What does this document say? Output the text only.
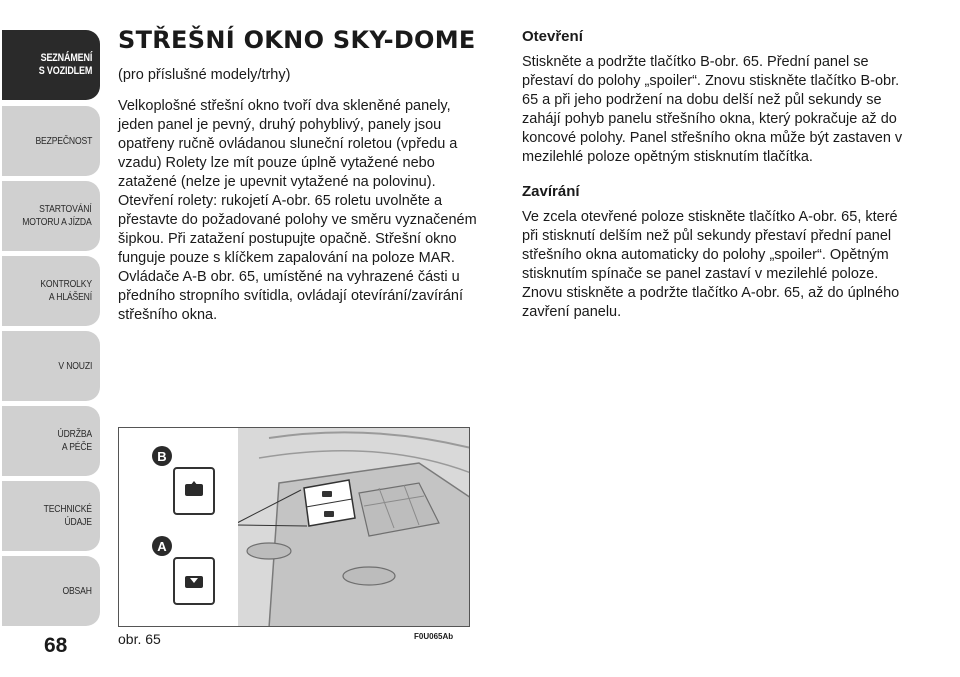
SEZNÁMENÍ
S VOZIDLEM
BEZPEČNOST
STARTOVÁNÍ
MOTORU A JÍZDA
KONTROLKY
A HLÁŠENÍ
V NOUZI
ÚDRŽBA
A PÉČE
TECHNICKÉ
ÚDAJE
OBSAH
68
STŘEŠNÍ OKNO SKY-DOME

(pro příslušné modely/trhy)

Velkoplošné střešní okno tvoří dva skleněné panely, jeden panel je pevný, druhý pohyblivý, panely jsou opatřeny ručně ovládanou sluneční roletou (vpředu a vzadu) Rolety lze mít pouze úplně vytažené nebo zatažené (nelze je upevnit vytažené na polovinu). Otevření rolety: rukojetí A-obr. 65 roletu uvolněte a přestavte do požadované polohy ve směru vyznačeném šipkou. Při zatažení postupujte opačně. Střešní okno funguje pouze s klíčkem zapalování na poloze MAR. Ovládače A-B obr. 65, umístěné na vyhrazené části u předního stropního svítidla, ovládají otevírání/zavírání střešního okna.

Otevření

Stiskněte a podržte tlačítko B-obr. 65. Přední panel se přestaví do polohy „spoiler“. Znovu stiskněte tlačítko B-obr. 65 a při jeho podržení na dobu delší než půl sekundy se zahájí pohyb panelu střešního okna, který pokračuje až do koncové polohy. Panel střešního okna může být zastaven v mezilehlé poloze opětným stisknutím tlačítka.

Zavírání

Ve zcela otevřené poloze stiskněte tlačítko A-obr. 65, které při stisknutí delším než půl sekundy přestaví přední panel střešního okna automaticky do polohy „spoiler“. Opětným stisknutím spínače se panel zastaví v mezilehlé poloze. Znovu stiskněte a podržte tlačítko A-obr. 65, až do úplného zavření panelu.

B
A
obr. 65	F0U065Ab
